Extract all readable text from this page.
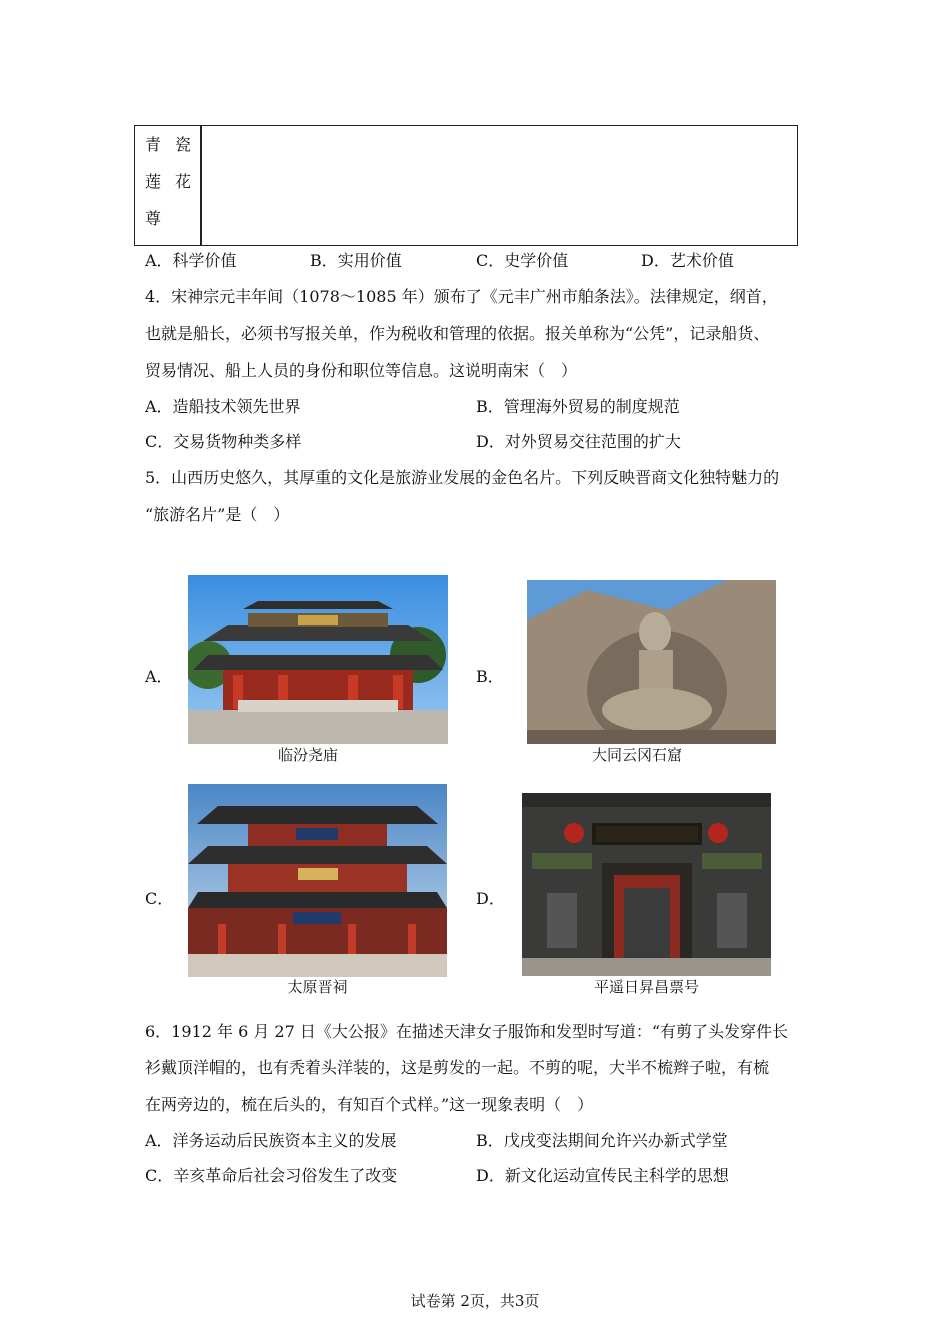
青 瓷
莲 花
尊
A．科学价值	B．实用价值	C．史学价值	D．艺术价值
4．宋神宗元丰年间（1078～1085 年）颁布了《元丰广州市舶条法》。法律规定，纲首，
也就是船长，必须书写报关单，作为税收和管理的依据。报关单称为“公凭”，记录船货、
贸易情况、船上人员的身份和职位等信息。这说明南宋（　）
A．造船技术领先世界	B．管理海外贸易的制度规范
C．交易货物种类多样	D．对外贸易交往范围的扩大
5．山西历史悠久，其厚重的文化是旅游业发展的金色名片。下列反映晋商文化独特魅力的
“旅游名片”是（　）
A．
临汾尧庙
B．
大同云冈石窟
C．
太原晋祠
D．
平遥日昇昌票号
6．1912 年 6 月 27 日《大公报》在描述天津女子服饰和发型时写道：“有剪了头发穿件长
衫戴顶洋帽的，也有秃着头洋装的，这是剪发的一起。不剪的呢，大半不梳辫子啦，有梳
在两旁边的，梳在后头的，有知百个式样。”这一现象表明（　）
A．洋务运动后民族资本主义的发展	B．戊戌变法期间允许兴办新式学堂
C．辛亥革命后社会习俗发生了改变	D．新文化运动宣传民主科学的思想
试卷第 2页，共3页
